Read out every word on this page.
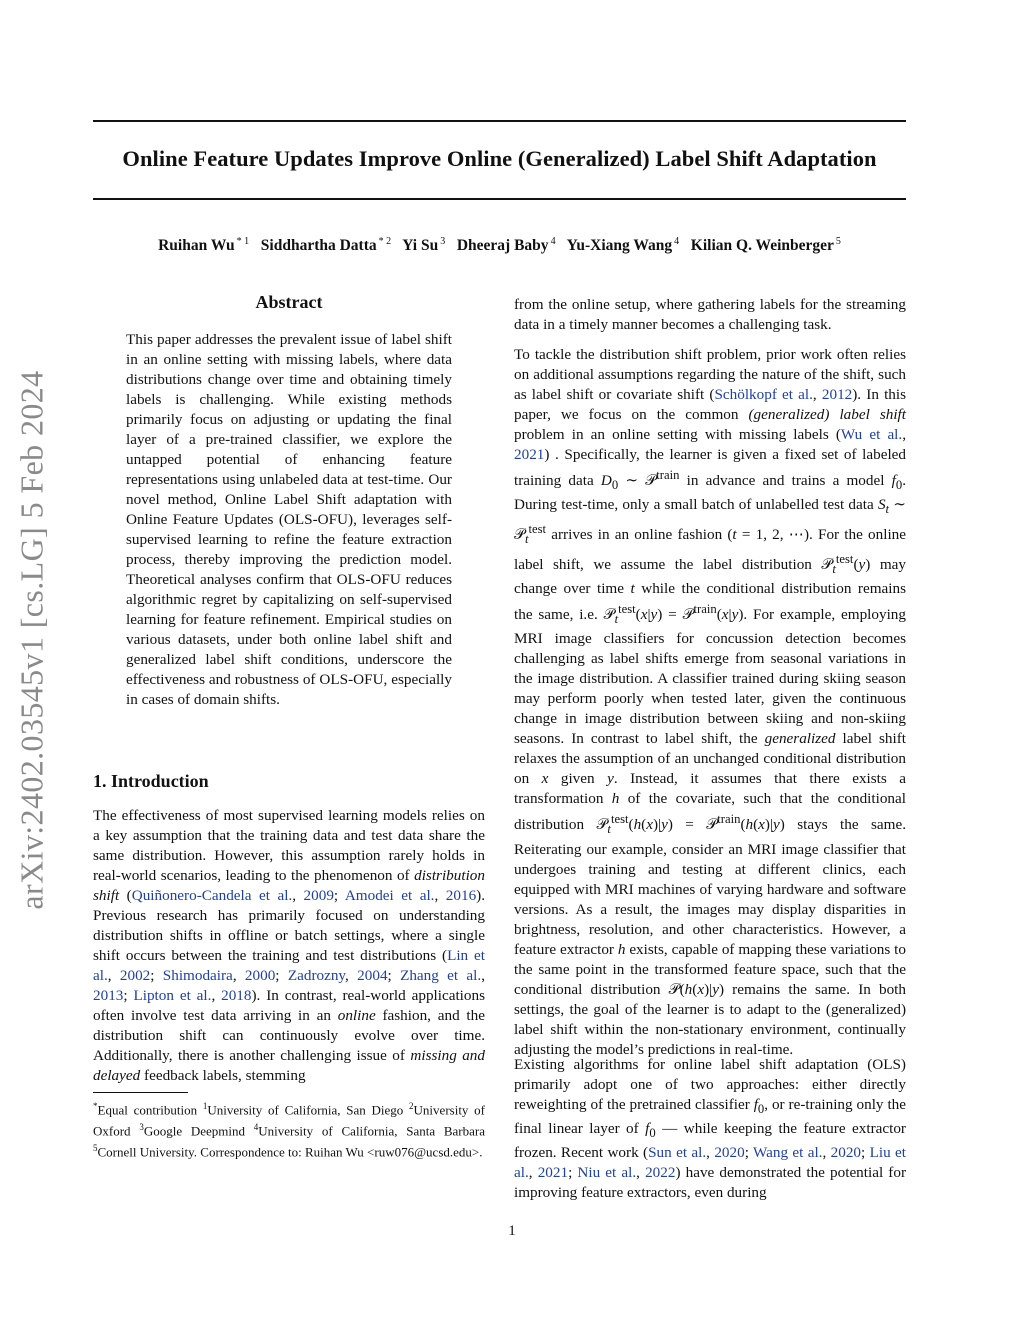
arXiv:2402.03545v1 [cs.LG] 5 Feb 2024
Online Feature Updates Improve Online (Generalized) Label Shift Adaptation
Ruihan Wu $^{* 1}$ Siddhartha Datta $^{* 2}$ Yi Su $^3$ Dheeraj Baby $^4$ Yu-Xiang Wang $^4$ Kilian Q. Weinberger $^5$
Abstract

This paper addresses the prevalent issue of label shift in an online setting with missing labels, where data distributions change over time and obtaining timely labels is challenging. While existing methods primarily focus on adjusting or updating the final layer of a pre-trained classifier, we explore the untapped potential of enhancing feature representations using unlabeled data at test-time. Our novel method, Online Label Shift adaptation with Online Feature Updates (OLS-OFU), leverages self-supervised learning to refine the feature extraction process, thereby improving the prediction model. Theoretical analyses confirm that OLS-OFU reduces algorithmic regret by capitalizing on self-supervised learning for feature refinement. Empirical studies on various datasets, under both online label shift and generalized label shift conditions, underscore the effectiveness and robustness of OLS-OFU, especially in cases of domain shifts.

1. Introduction

The effectiveness of most supervised learning models relies on a key assumption that the training data and test data share the same distribution. However, this assumption rarely holds in real-world scenarios, leading to the phenomenon of distribution shift (Quiñonero-Candela et al., 2009; Amodei et al., 2016). Previous research has primarily focused on understanding distribution shifts in offline or batch settings, where a single shift occurs between the training and test distributions (Lin et al., 2002; Shimodaira, 2000; Zadrozny, 2004; Zhang et al., 2013; Lipton et al., 2018). In contrast, real-world applications often involve test data arriving in an online fashion, and the distribution shift can continuously evolve over time. Additionally, there is another challenging issue of missing and delayed feedback labels, stemming

*Equal contribution $^1$University of California, San Diego $^2$University of Oxford $^3$Google Deepmind $^4$University of California, Santa Barbara $^5$Cornell University. Correspondence to: Ruihan Wu <ruw076@ucsd.edu>.

from the online setup, where gathering labels for the streaming data in a timely manner becomes a challenging task.

To tackle the distribution shift problem, prior work often relies on additional assumptions regarding the nature of the shift, such as label shift or covariate shift (Schölkopf et al., 2012). In this paper, we focus on the common (generalized) label shift problem in an online setting with missing labels (Wu et al., 2021) . Specifically, the learner is given a fixed set of labeled training data $D_0$ ∼ 𝒫$^{train}$ in advance and trains a model $f_0$. During test-time, only a small batch of unlabelled test data $S_t$ ∼ 𝒫$_t^{test}$ arrives in an online fashion (t = 1, 2, ⋯). For the online label shift, we assume the label distribution 𝒫$_t^{test}$(y) may change over time t while the conditional distribution remains the same, i.e. 𝒫$_t^{test}$(x|y) = 𝒫$^{train}$(x|y). For example, employing MRI image classifiers for concussion detection becomes challenging as label shifts emerge from seasonal variations in the image distribution. A classifier trained during skiing season may perform poorly when tested later, given the continuous change in image distribution between skiing and non-skiing seasons. In contrast to label shift, the generalized label shift relaxes the assumption of an unchanged conditional distribution on x given y. Instead, it assumes that there exists a transformation h of the covariate, such that the conditional distribution 𝒫$_t^{test}$(h(x)|y) = 𝒫$^{train}$(h(x)|y) stays the same. Reiterating our example, consider an MRI image classifier that undergoes training and testing at different clinics, each equipped with MRI machines of varying hardware and software versions. As a result, the images may display disparities in brightness, resolution, and other characteristics. However, a feature extractor h exists, capable of mapping these variations to the same point in the transformed feature space, such that the conditional distribution 𝒫(h(x)|y) remains the same. In both settings, the goal of the learner is to adapt to the (generalized) label shift within the non-stationary environment, continually adjusting the model’s predictions in real-time.

Existing algorithms for online label shift adaptation (OLS) primarily adopt one of two approaches: either directly reweighting of the pretrained classifier $f_0$, or re-training only the final linear layer of $f_0$ — while keeping the feature extractor frozen. Recent work (Sun et al., 2020; Wang et al., 2020; Liu et al., 2021; Niu et al., 2022) have demonstrated the potential for improving feature extractors, even during

1
